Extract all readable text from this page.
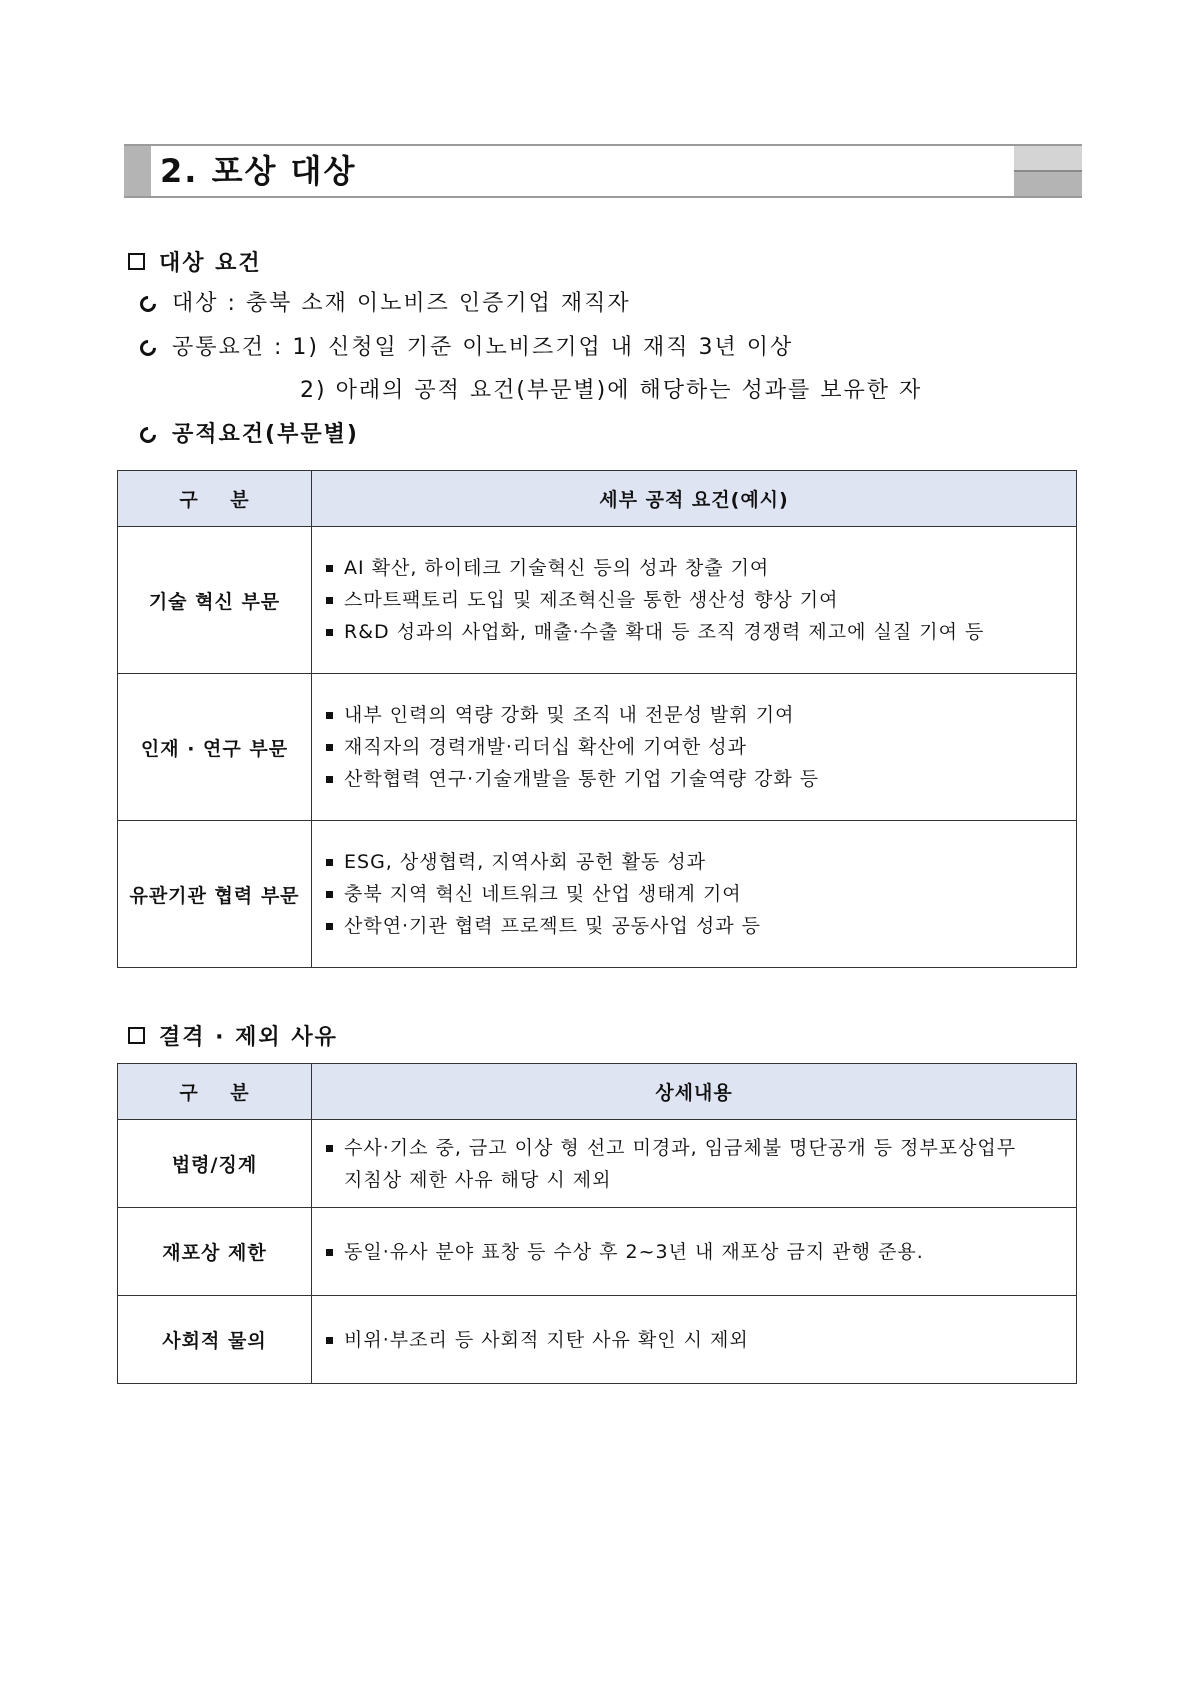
2. 포상 대상
대상 요건
대상 : 충북 소재 이노비즈 인증기업 재직자
공통요건 : 1) 신청일 기준 이노비즈기업 내 재직 3년 이상
2) 아래의 공적 요건(부문별)에 해당하는 성과를 보유한 자
공적요건(부문별)
구 분	세부 공적 요건(예시)
기술 혁신 부문	AI 확산, 하이테크 기술혁신 등의 성과 창출 기여
스마트팩토리 도입 및 제조혁신을 통한 생산성 향상 기여
R&D 성과의 사업화, 매출·수출 확대 등 조직 경쟁력 제고에 실질 기여 등

인재 · 연구 부문	내부 인력의 역량 강화 및 조직 내 전문성 발휘 기여
재직자의 경력개발·리더십 확산에 기여한 성과
산학협력 연구·기술개발을 통한 기업 기술역량 강화 등

유관기관 협력 부문	ESG, 상생협력, 지역사회 공헌 활동 성과
충북 지역 혁신 네트워크 및 산업 생태계 기여
산학연·기관 협력 프로젝트 및 공동사업 성과 등
결격 · 제외 사유
구 분	상세내용
법령/징계	수사·기소 중, 금고 이상 형 선고 미경과, 임금체불 명단공개 등 정부포상업무 지침상 제한 사유 해당 시 제외

재포상 제한	동일·유사 분야 표창 등 수상 후 2~3년 내 재포상 금지 관행 준용.

사회적 물의	비위·부조리 등 사회적 지탄 사유 확인 시 제외
